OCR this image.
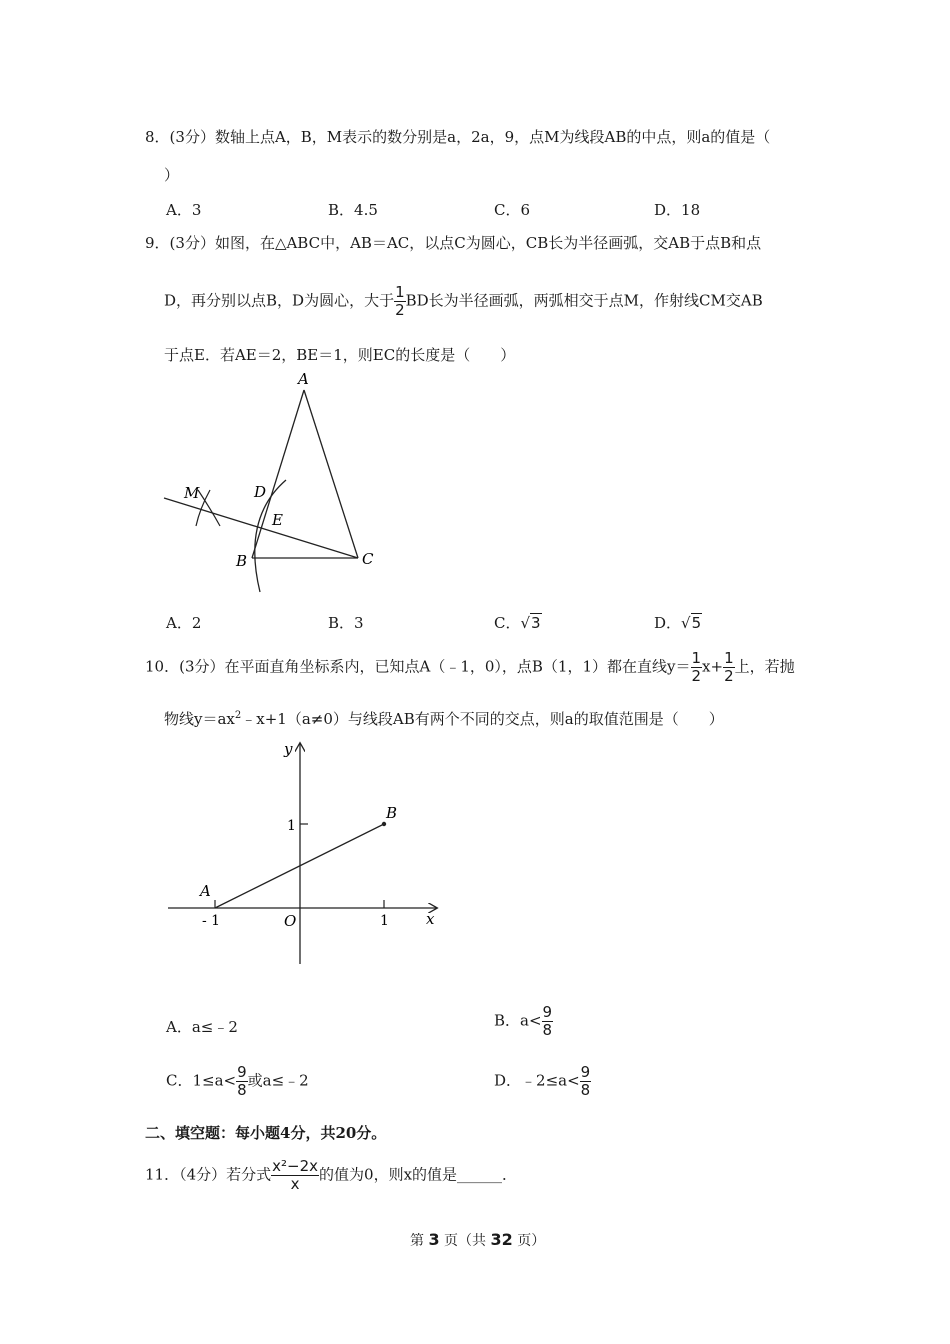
8．(3分）数轴上点A，B，M表示的数分别是a，2a，9，点M为线段AB的中点，则a的值是（
）
A．3	B．4.5	C．6	D．18
9．(3分）如图，在△ABC中，AB＝AC，以点C为圆心，CB长为半径画弧，交AB于点B和点
D，再分别以点B，D为圆心，大于 $\frac{1}{2}$ BD长为半径画弧，两弧相交于点M，作射线CM交AB
于点E．若AE＝2，BE＝1，则EC的长度是（　　）
A
D
E
M
B	C
A．2	B．3	C．√3	D．√5
10．(3分）在平面直角坐标系内，已知点A（﹣1，0），点B（1，1）都在直线$y= \frac{1}{2} x+ \frac{1}{2}$ 上，若抛
物线$y=ax^2﹣x+1(a\ne 0)$与线段AB有两个不同的交点，则a的取值范围是（　　）
y
x
O
A
B
1
1
- 1
A．a≤﹣2	B．$a< \frac{9}{8}$
C．$1\le a< \frac{9}{8}$ 或a≤﹣2	D．﹣2≤a< $\frac{9}{8}$
二、填空题：每小题4分，共20分。
11．（4分）若分式 $\frac{\text{x²−2x}}{x}$ 的值为0，则x的值是______．
第 3 页（共 32 页）
